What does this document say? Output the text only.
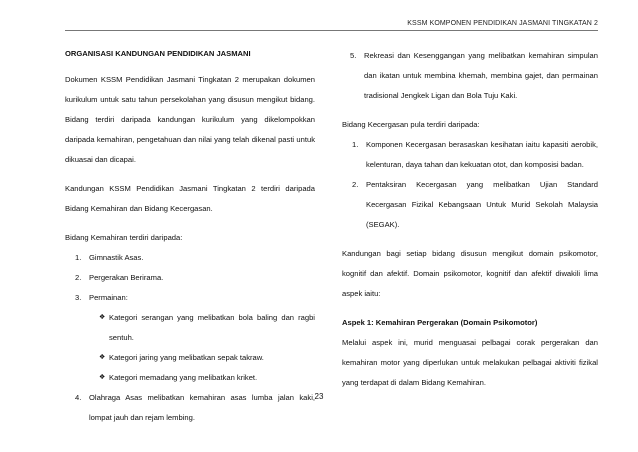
KSSM KOMPONEN PENDIDIKAN JASMANI TINGKATAN 2
ORGANISASI KANDUNGAN PENDIDIKAN JASMANI

Dokumen KSSM Pendidikan Jasmani Tingkatan 2 merupakan dokumen kurikulum untuk satu tahun persekolahan yang disusun mengikut bidang. Bidang terdiri daripada kandungan kurikulum yang dikelompokkan daripada kemahiran, pengetahuan dan nilai yang telah dikenal pasti untuk dikuasai dan dicapai.

Kandungan KSSM Pendidikan Jasmani Tingkatan 2 terdiri daripada Bidang Kemahiran dan Bidang Kecergasan.

Bidang Kemahiran terdiri daripada:

1.	Gimnastik Asas.
2.	Pergerakan Berirama.
3.	Permainan:
❖ Kategori serangan yang melibatkan bola baling dan ragbi sentuh.
❖ Kategori jaring yang melibatkan sepak takraw.
❖ Kategori memadang yang melibatkan kriket.
4.	Olahraga Asas melibatkan kemahiran asas lumba jalan kaki, lompat jauh dan rejam lembing.
5.	Rekreasi dan Kesenggangan yang melibatkan kemahiran simpulan dan ikatan untuk membina khemah, membina gajet, dan permainan tradisional Jengkek Ligan dan Bola Tuju Kaki.

Bidang Kecergasan pula terdiri daripada:

1.	Komponen Kecergasan berasaskan kesihatan iaitu kapasiti aerobik, kelenturan, daya tahan dan kekuatan otot, dan komposisi badan.
2.	Pentaksiran Kecergasan yang melibatkan Ujian Standard Kecergasan Fizikal Kebangsaan Untuk Murid Sekolah Malaysia (SEGAK).

Kandungan bagi setiap bidang disusun mengikut domain psikomotor, kognitif dan afektif. Domain psikomotor, kognitif dan afektif diwakili lima aspek iaitu:

Aspek 1: Kemahiran Pergerakan (Domain Psikomotor)

Melalui aspek ini, murid menguasai pelbagai corak pergerakan dan kemahiran motor yang diperlukan untuk melakukan pelbagai aktiviti fizikal yang terdapat di dalam Bidang Kemahiran.

23
